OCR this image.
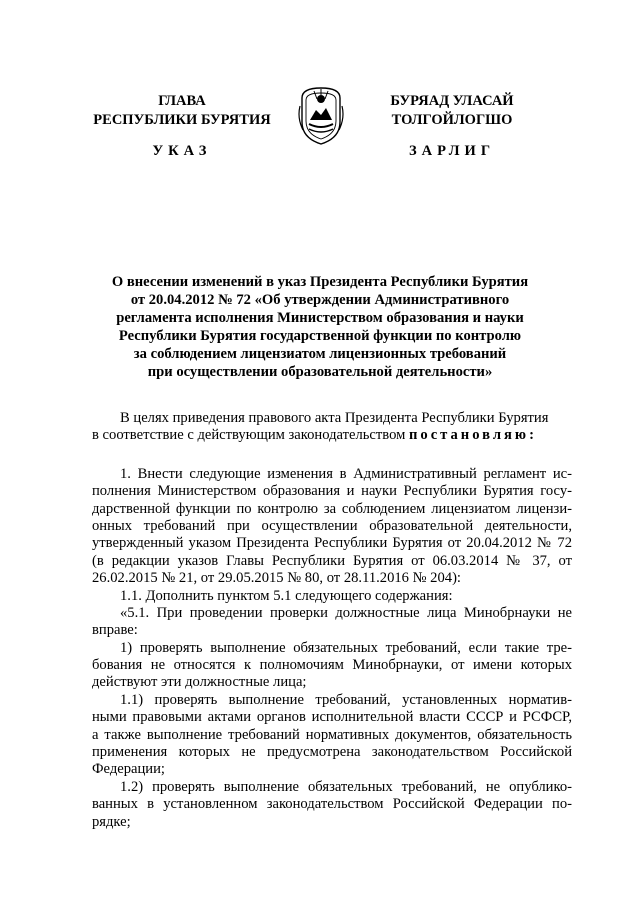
ГЛАВА
РЕСПУБЛИКИ БУРЯТИЯ
БУРЯАД УЛАСАЙ
ТОЛГОЙЛОГШО
УКАЗ	ЗАРЛИГ
О внесении изменений в указ Президента Республики Бурятия
от 20.04.2012 № 72 «Об утверждении Административного
регламента исполнения Министерством образования и науки
Республики Бурятия государственной функции по контролю
за соблюдением лицензиатом лицензионных требований
при осуществлении образовательной деятельности»
В целях приведения правового акта Президента Республики Бурятия
в соответствие с действующим законодательством постановляю:
1. Внести следующие изменения в Административный регламент ис-
полнения Министерством образования и науки Республики Бурятия госу-
дарственной функции по контролю за соблюдением лицензиатом лицензи-
онных требований при осуществлении образовательной деятельности,
утвержденный указом Президента Республики Бурятия от 20.04.2012 № 72
(в редакции указов Главы Республики Бурятия от 06.03.2014 № 37, от
26.02.2015 № 21, от 29.05.2015 № 80, от 28.11.2016 № 204):
1.1. Дополнить пунктом 5.1 следующего содержания:
«5.1. При проведении проверки должностные лица Минобрнауки не
вправе:
1) проверять выполнение обязательных требований, если такие тре-
бования не относятся к полномочиям Минобрнауки, от имени которых
действуют эти должностные лица;
1.1) проверять выполнение требований, установленных норматив-
ными правовыми актами органов исполнительной власти СССР и РСФСР,
а также выполнение требований нормативных документов, обязательность
применения которых не предусмотрена законодательством Российской
Федерации;
1.2) проверять выполнение обязательных требований, не опублико-
ванных в установленном законодательством Российской Федерации по-
рядке;
